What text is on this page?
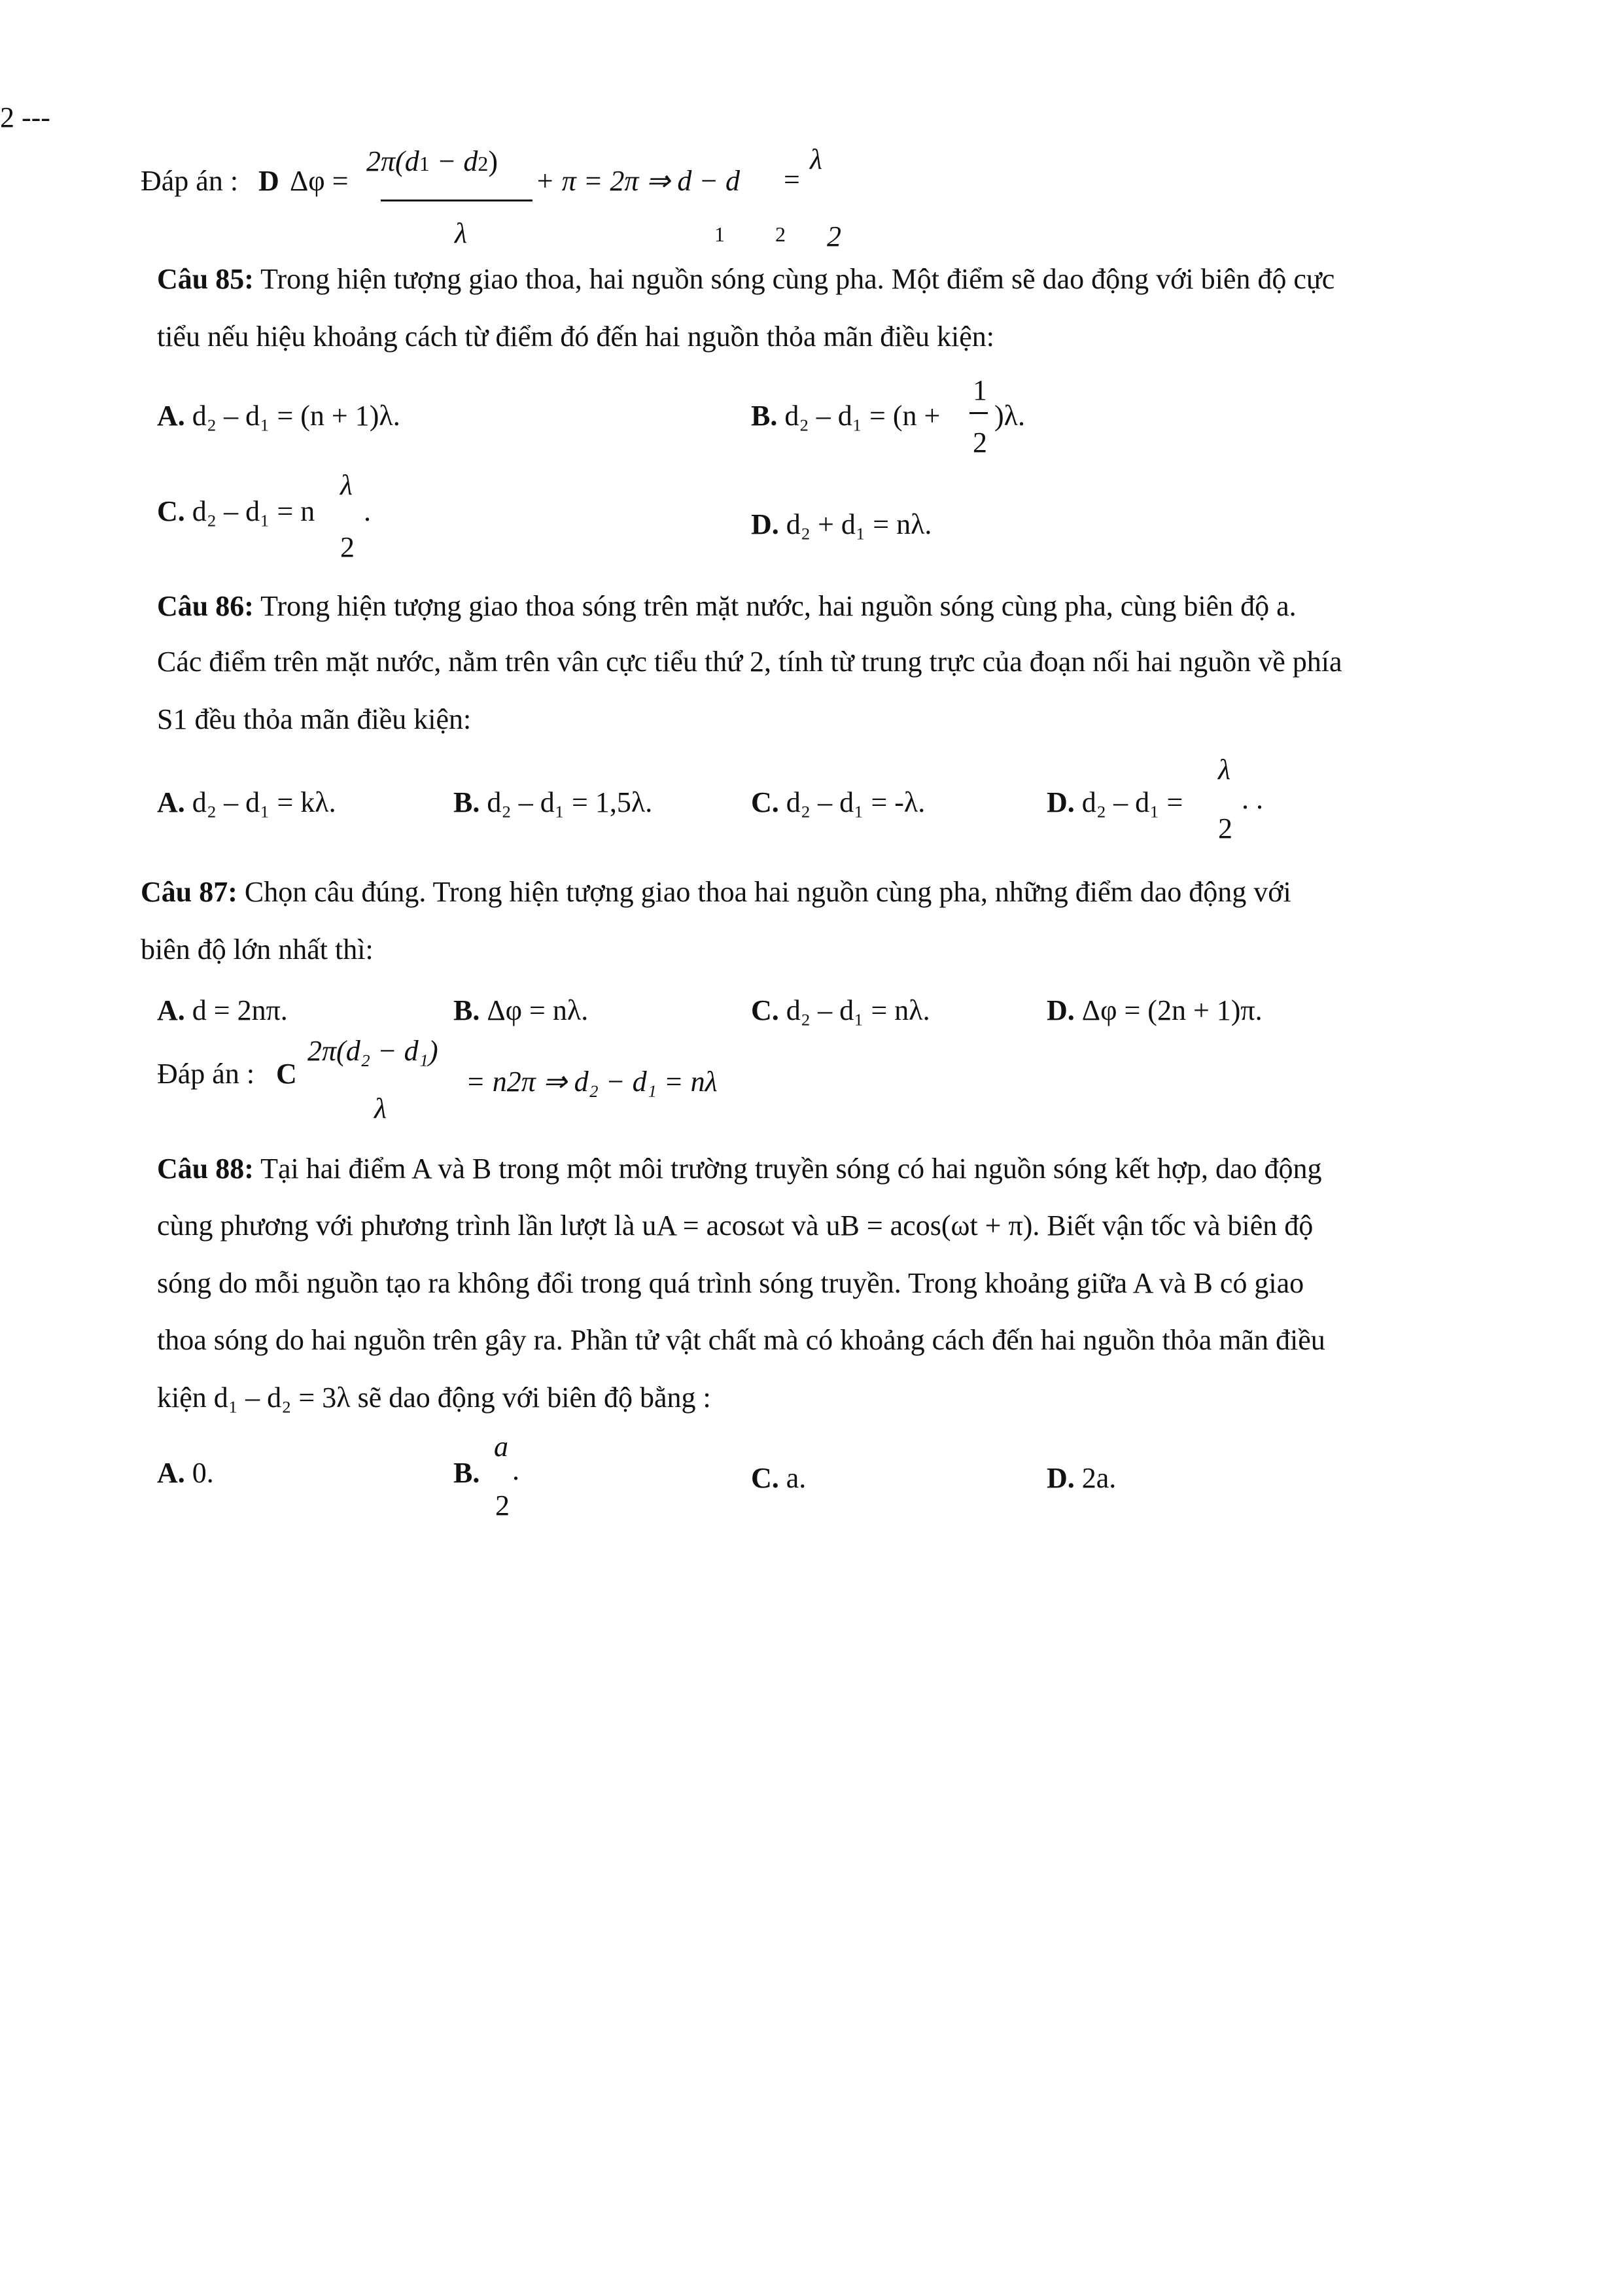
2 ---
Đáp án : D Δφ =
2π(d1 − d2)
λ
+ π = 2π ⇒ d − d
1 2
=
λ
2
Câu 85: Trong hiện tượng giao thoa, hai nguồn sóng cùng pha. Một điểm sẽ dao động với biên độ cực
tiểu nếu hiệu khoảng cách từ điểm đó đến hai nguồn thỏa mãn điều kiện:
A. d₂ – d₁ = (n + 1)λ.	B. d₂ – d₁ = (n +
1
2
)λ.
C. d₂ – d₁ = n
λ
2
.	D. d₂ + d₁ = nλ.
Câu 86: Trong hiện tượng giao thoa sóng trên mặt nước, hai nguồn sóng cùng pha, cùng biên độ a.
Các điểm trên mặt nước, nằm trên vân cực tiểu thứ 2, tính từ trung trực của đoạn nối hai nguồn về phía
S1 đều thỏa mãn điều kiện:
A. d₂ – d₁ = kλ.	B. d₂ – d₁ = 1,5λ.	C. d₂ – d₁ = -λ.	D. d₂ – d₁ =
λ
2
. .
Câu 87: Chọn câu đúng. Trong hiện tượng giao thoa hai nguồn cùng pha, những điểm dao động với
biên độ lớn nhất thì:
A. d = 2nπ.	B. Δφ = nλ.	C. d₂ – d₁ = nλ.	D. Δφ = (2n + 1)π.
Đáp án : C
2π(d₂ − d₁)
λ
= n2π ⇒ d₂ − d₁ = nλ
Câu 88: Tại hai điểm A và B trong một môi trường truyền sóng có hai nguồn sóng kết hợp, dao động
cùng phương với phương trình lần lượt là uA = acosωt và uB = acos(ωt + π). Biết vận tốc và biên độ
sóng do mỗi nguồn tạo ra không đổi trong quá trình sóng truyền. Trong khoảng giữa A và B có giao
thoa sóng do hai nguồn trên gây ra. Phần tử vật chất mà có khoảng cách đến hai nguồn thỏa mãn điều
kiện d₁ – d₂ = 3λ sẽ dao động với biên độ bằng :
A. 0.	B.
a
2
.	C. a.	D. 2a.
